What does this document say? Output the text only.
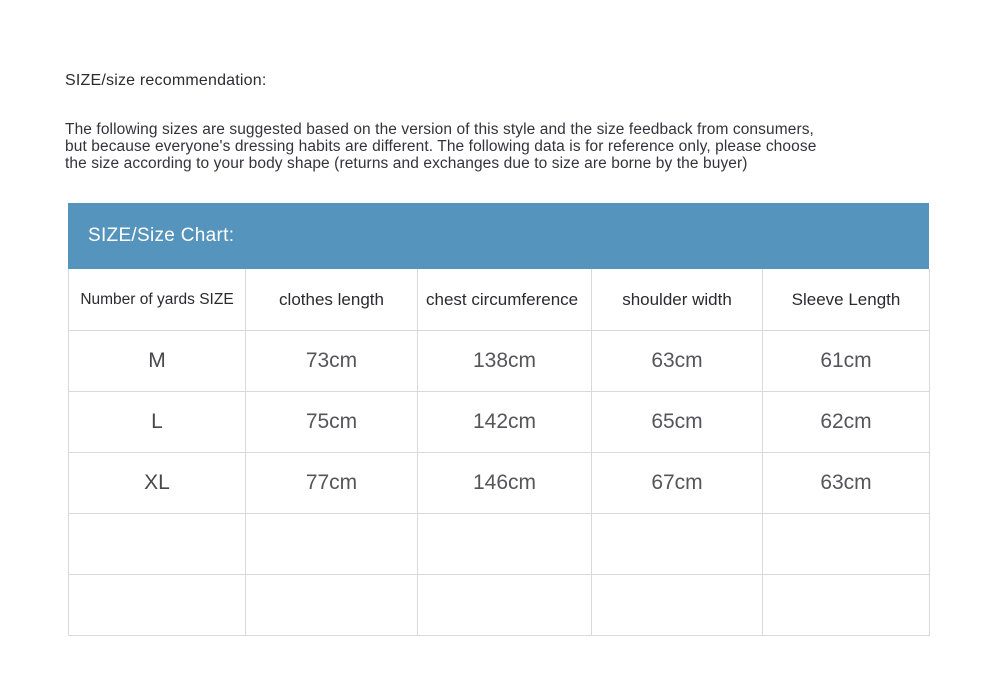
SIZE/size recommendation:
The following sizes are suggested based on the version of this style and the size feedback from consumers,
but because everyone's dressing habits are different. The following data is for reference only, please choose
the size according to your body shape (returns and exchanges due to size are borne by the buyer)
SIZE/Size Chart:
Number of yards SIZE	clothes length	chest circumference	shoulder width	Sleeve Length
M	73cm	138cm	63cm	61cm
L	75cm	142cm	65cm	62cm
XL	77cm	146cm	67cm	63cm
